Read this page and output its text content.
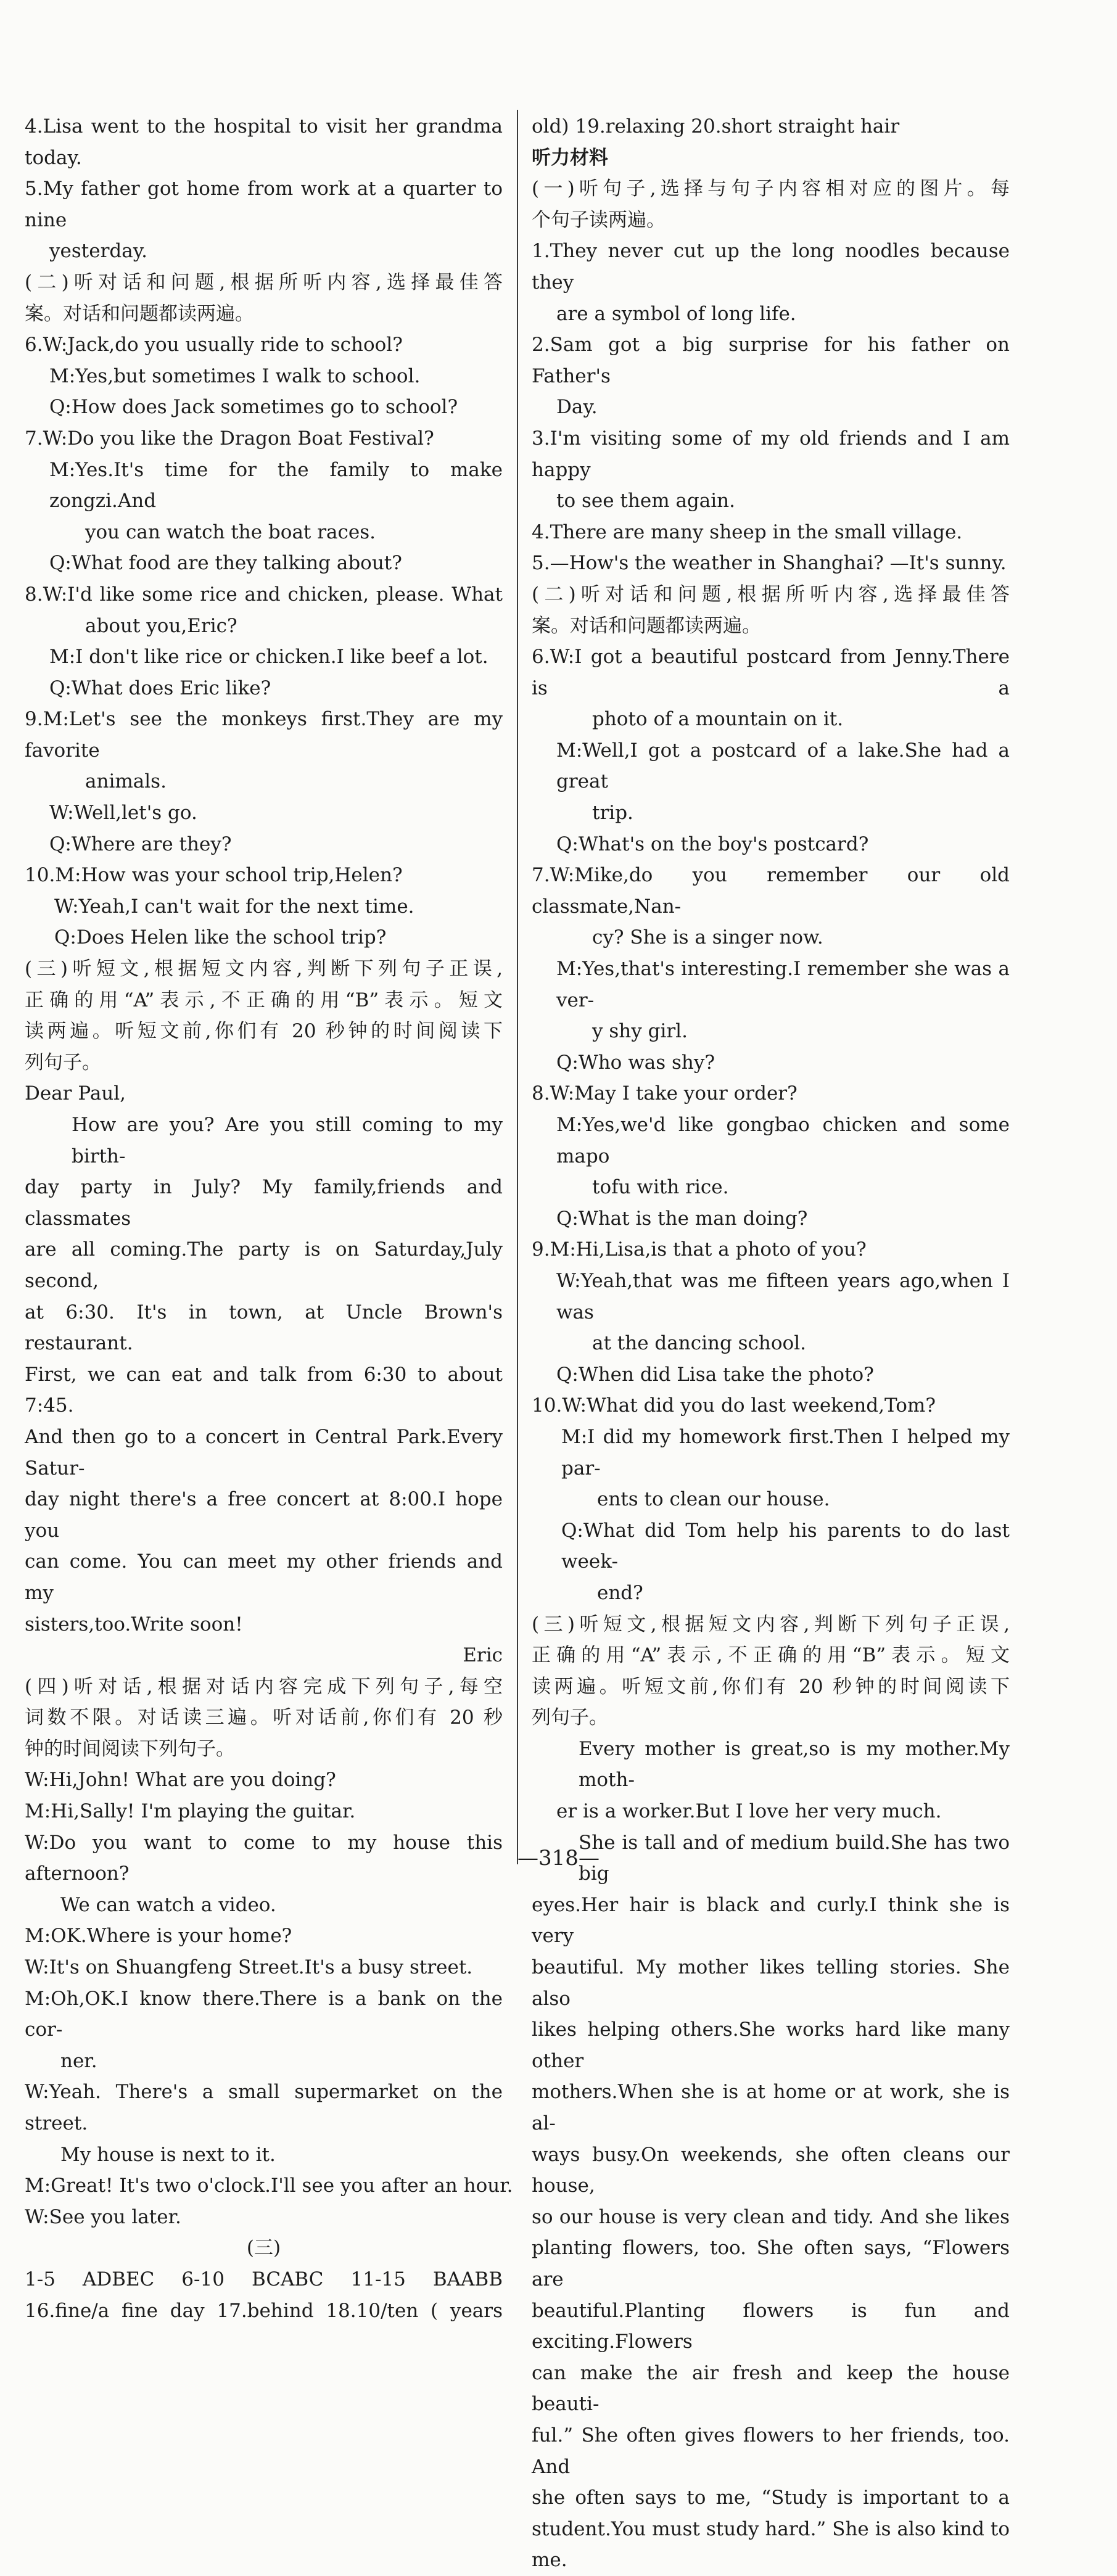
4.Lisa went to the hospital to visit her grandma today.
5.My father got home from work at a quarter to nine
yesterday.
(二)听对话和问题,根据所听内容,选择最佳答
案。对话和问题都读两遍。
6.W:Jack,do you usually ride to school?
M:Yes,but sometimes I walk to school.
Q:How does Jack sometimes go to school?
7.W:Do you like the Dragon Boat Festival?
M:Yes.It's time for the family to make zongzi.And
you can watch the boat races.
Q:What food are they talking about?
8.W:I'd like some rice and chicken, please. What
about you,Eric?
M:I don't like rice or chicken.I like beef a lot.
Q:What does Eric like?
9.M:Let's see the monkeys first.They are my favorite
animals.
W:Well,let's go.
Q:Where are they?
10.M:How was your school trip,Helen?
W:Yeah,I can't wait for the next time.
Q:Does Helen like the school trip?
(三)听短文,根据短文内容,判断下列句子正误,
正确的用“A”表示,不正确的用“B”表示。短文
读两遍。听短文前,你们有 20 秒钟的时间阅读下
列句子。
Dear Paul,
How are you? Are you still coming to my birth-
day party in July? My family,friends and classmates
are all coming.The party is on Saturday,July second,
at 6:30. It's in town, at Uncle Brown's restaurant.
First, we can eat and talk from 6:30 to about 7:45.
And then go to a concert in Central Park.Every Satur-
day night there's a free concert at 8:00.I hope you
can come. You can meet my other friends and my
sisters,too.Write soon!
Eric
(四)听对话,根据对话内容完成下列句子,每空
词数不限。对话读三遍。听对话前,你们有 20 秒
钟的时间阅读下列句子。
W:Hi,John! What are you doing?
M:Hi,Sally! I'm playing the guitar.
W:Do you want to come to my house this afternoon?
We can watch a video.
M:OK.Where is your home?
W:It's on Shuangfeng Street.It's a busy street.
M:Oh,OK.I know there.There is a bank on the cor-
ner.
W:Yeah. There's a small supermarket on the street.
My house is next to it.
M:Great! It's two o'clock.I'll see you after an hour.
W:See you later.
(三)
1-5 ADBEC 6-10 BCABC 11-15 BAABB
16.fine/a fine day 17.behind 18.10/ten ( years
old) 19.relaxing 20.short straight hair
听力材料
(一)听句子,选择与句子内容相对应的图片。每
个句子读两遍。
1.They never cut up the long noodles because they
are a symbol of long life.
2.Sam got a big surprise for his father on Father's
Day.
3.I'm visiting some of my old friends and I am happy
to see them again.
4.There are many sheep in the small village.
5.—How's the weather in Shanghai? —It's sunny.
(二)听对话和问题,根据所听内容,选择最佳答
案。对话和问题都读两遍。
6.W:I got a beautiful postcard from Jenny.There is a
photo of a mountain on it.
M:Well,I got a postcard of a lake.She had a great
trip.
Q:What's on the boy's postcard?
7.W:Mike,do you remember our old classmate,Nan-
cy? She is a singer now.
M:Yes,that's interesting.I remember she was a ver-
y shy girl.
Q:Who was shy?
8.W:May I take your order?
M:Yes,we'd like gongbao chicken and some mapo
tofu with rice.
Q:What is the man doing?
9.M:Hi,Lisa,is that a photo of you?
W:Yeah,that was me fifteen years ago,when I was
at the dancing school.
Q:When did Lisa take the photo?
10.W:What did you do last weekend,Tom?
M:I did my homework first.Then I helped my par-
ents to clean our house.
Q:What did Tom help his parents to do last week-
end?
(三)听短文,根据短文内容,判断下列句子正误,
正确的用“A”表示,不正确的用“B”表示。短文
读两遍。听短文前,你们有 20 秒钟的时间阅读下
列句子。
Every mother is great,so is my mother.My moth-
er is a worker.But I love her very much.
She is tall and of medium build.She has two big
eyes.Her hair is black and curly.I think she is very
beautiful. My mother likes telling stories. She also
likes helping others.She works hard like many other
mothers.When she is at home or at work, she is al-
ways busy.On weekends, she often cleans our house,
so our house is very clean and tidy. And she likes
planting flowers, too. She often says, “Flowers are
beautiful.Planting flowers is fun and exciting.Flowers
can make the air fresh and keep the house beauti-
ful.” She often gives flowers to her friends, too. And
she often says to me, “Study is important to a
student.You must study hard.” She is also kind to me.
—318—
